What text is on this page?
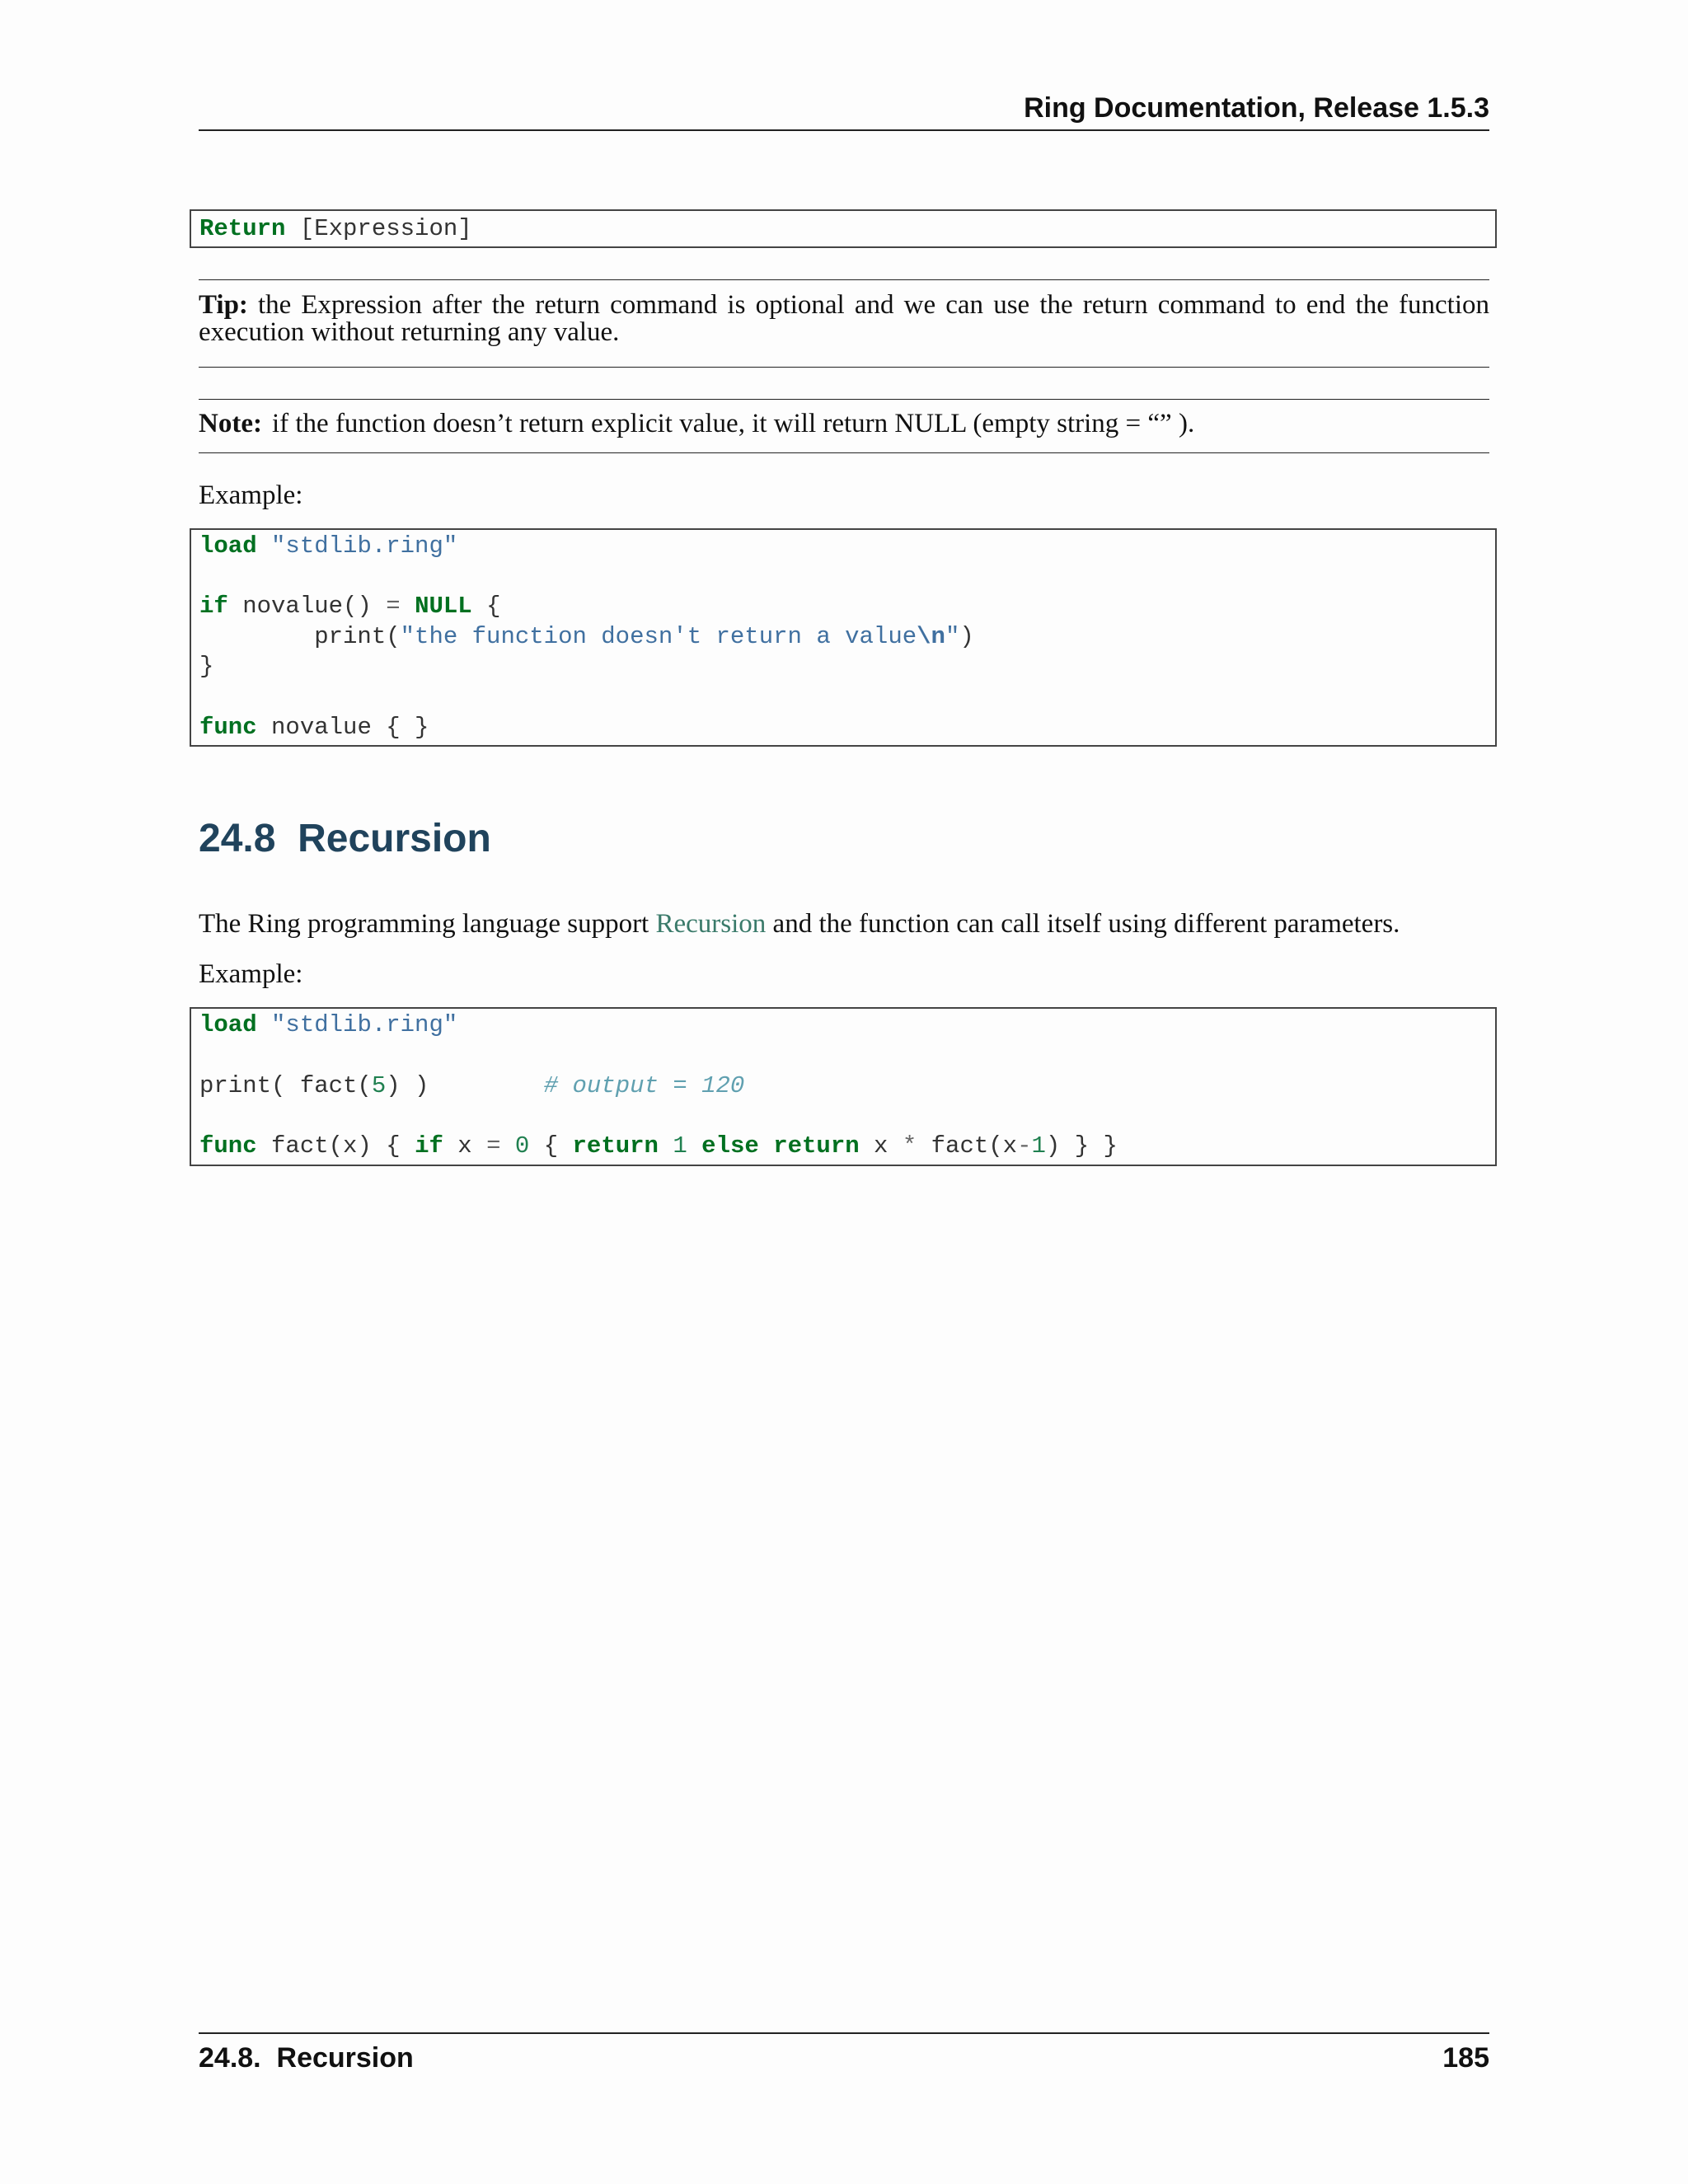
Ring Documentation, Release 1.5.3
Return [Expression]
Tip: the Expression after the return command is optional and we can use the return command to end the function execution without returning any value.
Note: if the function doesn’t return explicit value, it will return NULL (empty string = “” ).
Example:
load "stdlib.ring"
if novalue() = NULL {
print("the function doesn't return a value\n")
}
func novalue { }
24.8 Recursion
The Ring programming language support Recursion and the function can call itself using different parameters.
Example:
load "stdlib.ring"
print( fact(5) )        # output = 120
func fact(x) { if x = 0 { return 1 else return x * fact(x-1) } }
24.8.  Recursion	185
